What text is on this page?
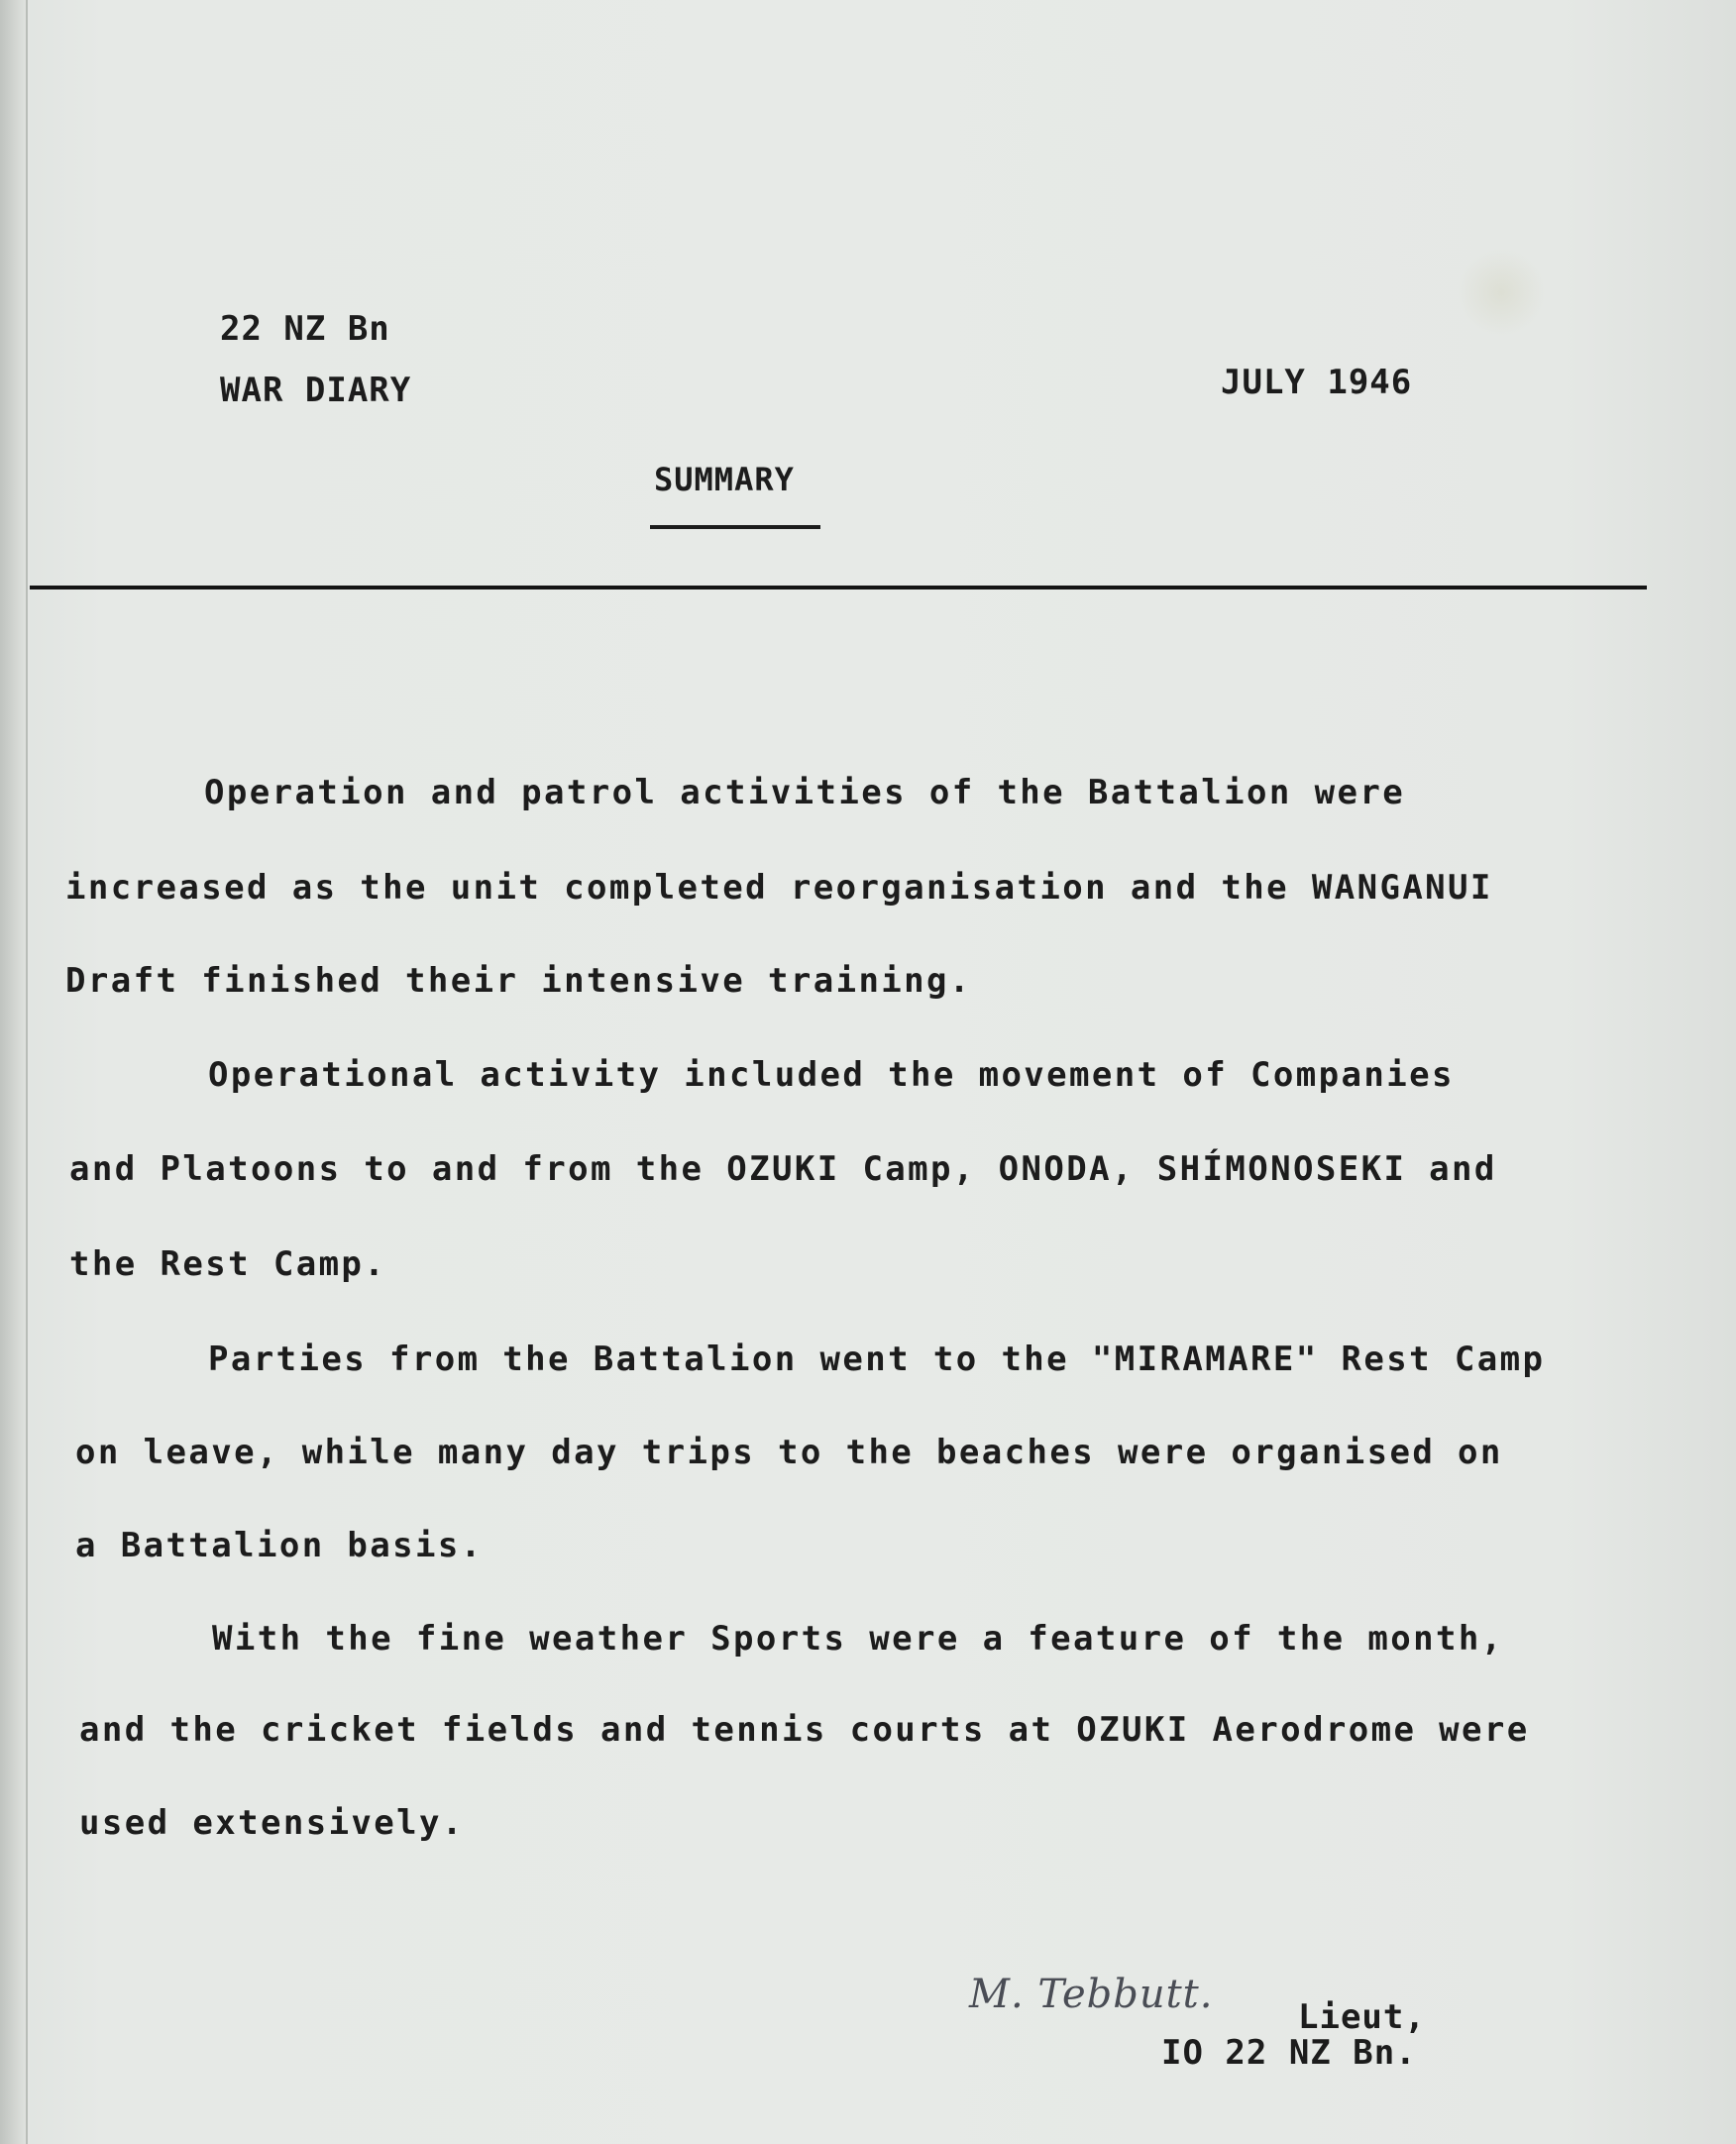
22 NZ Bn
WAR DIARY	JULY 1946
SUMMARY
Operation and patrol activities of the Battalion were
increased as the unit completed reorganisation and the WANGANUI
Draft finished their intensive training.
Operational activity included the movement of Companies
and Platoons to and from the OZUKI Camp, ONODA, SHÍMONOSEKI and
the Rest Camp.
Parties from the Battalion went to the "MIRAMARE" Rest Camp
on leave, while many day trips to the beaches were organised on
a Battalion basis.
With the fine weather Sports were a feature of the month,
and the cricket fields and tennis courts at OZUKI Aerodrome were
used extensively.
M. Tebbutt.	Lieut,
IO 22 NZ Bn.
